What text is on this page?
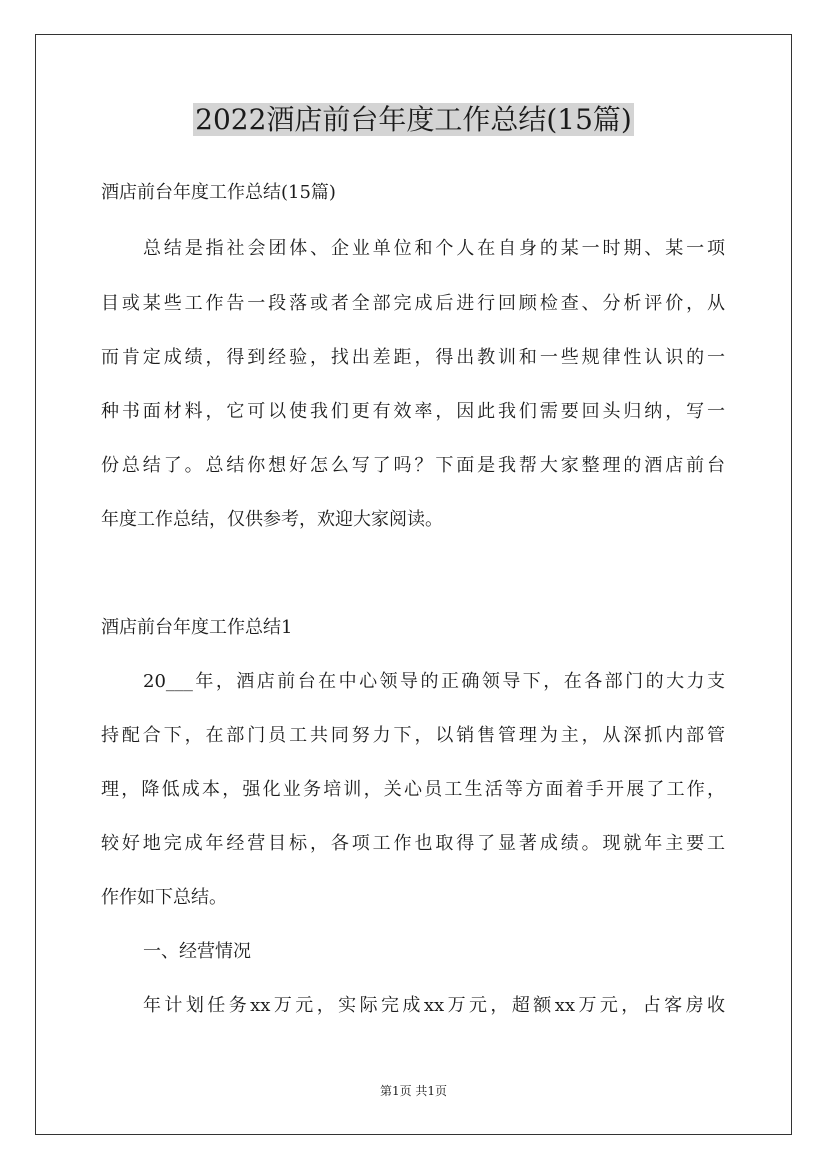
2022酒店前台年度工作总结(15篇)

酒店前台年度工作总结(15篇)

总结是指社会团体、企业单位和个人在自身的某一时期、某一项

目或某些工作告一段落或者全部完成后进行回顾检查、分析评价，从

而肯定成绩，得到经验，找出差距，得出教训和一些规律性认识的一

种书面材料，它可以使我们更有效率，因此我们需要回头归纳，写一

份总结了。总结你想好怎么写了吗？下面是我帮大家整理的酒店前台

年度工作总结，仅供参考，欢迎大家阅读。

酒店前台年度工作总结1

20___年，酒店前台在中心领导的正确领导下，在各部门的大力支

持配合下，在部门员工共同努力下，以销售管理为主，从深抓内部管

理，降低成本，强化业务培训，关心员工生活等方面着手开展了工作，

较好地完成年经营目标，各项工作也取得了显著成绩。现就年主要工

作作如下总结。

一、经营情况

年计划任务xx万元，实际完成xx万元，超额xx万元，占客房收

第1页 共1页
